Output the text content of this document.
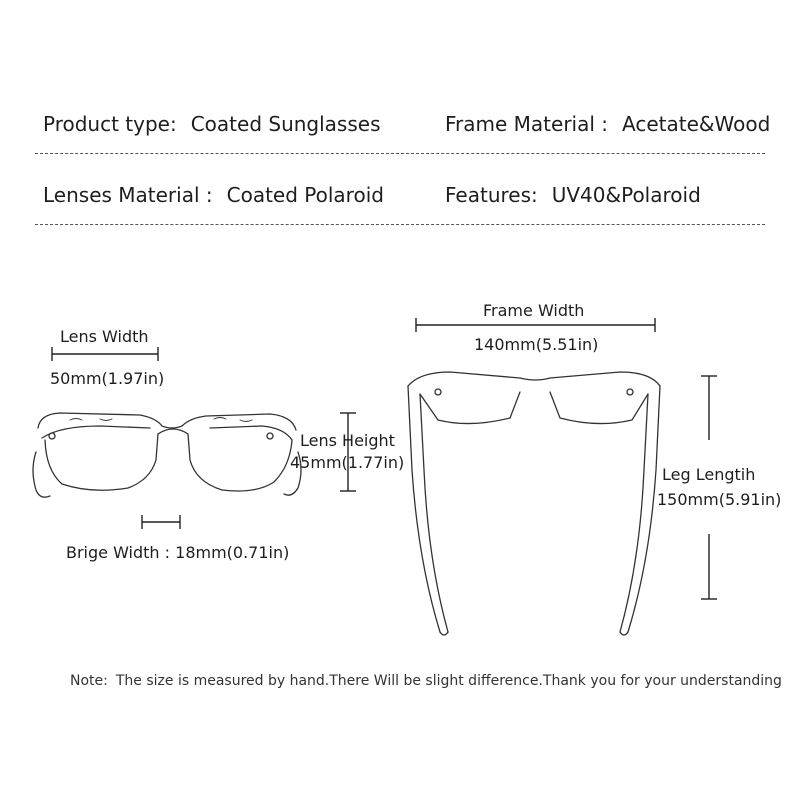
Product type: Coated Sunglasses	Frame Material : Acetate&Wood
Lenses Material : Coated Polaroid	Features: UV40&Polaroid
Lens Width
50mm(1.97in)
Lens Height
45mm(1.77in)
Brige Width : 18mm(0.71in)
Frame Width
140mm(5.51in)
Leg Lengtih
150mm(5.91in)
Note: The size is measured by hand.There Will be slight difference.Thank you for your understanding
